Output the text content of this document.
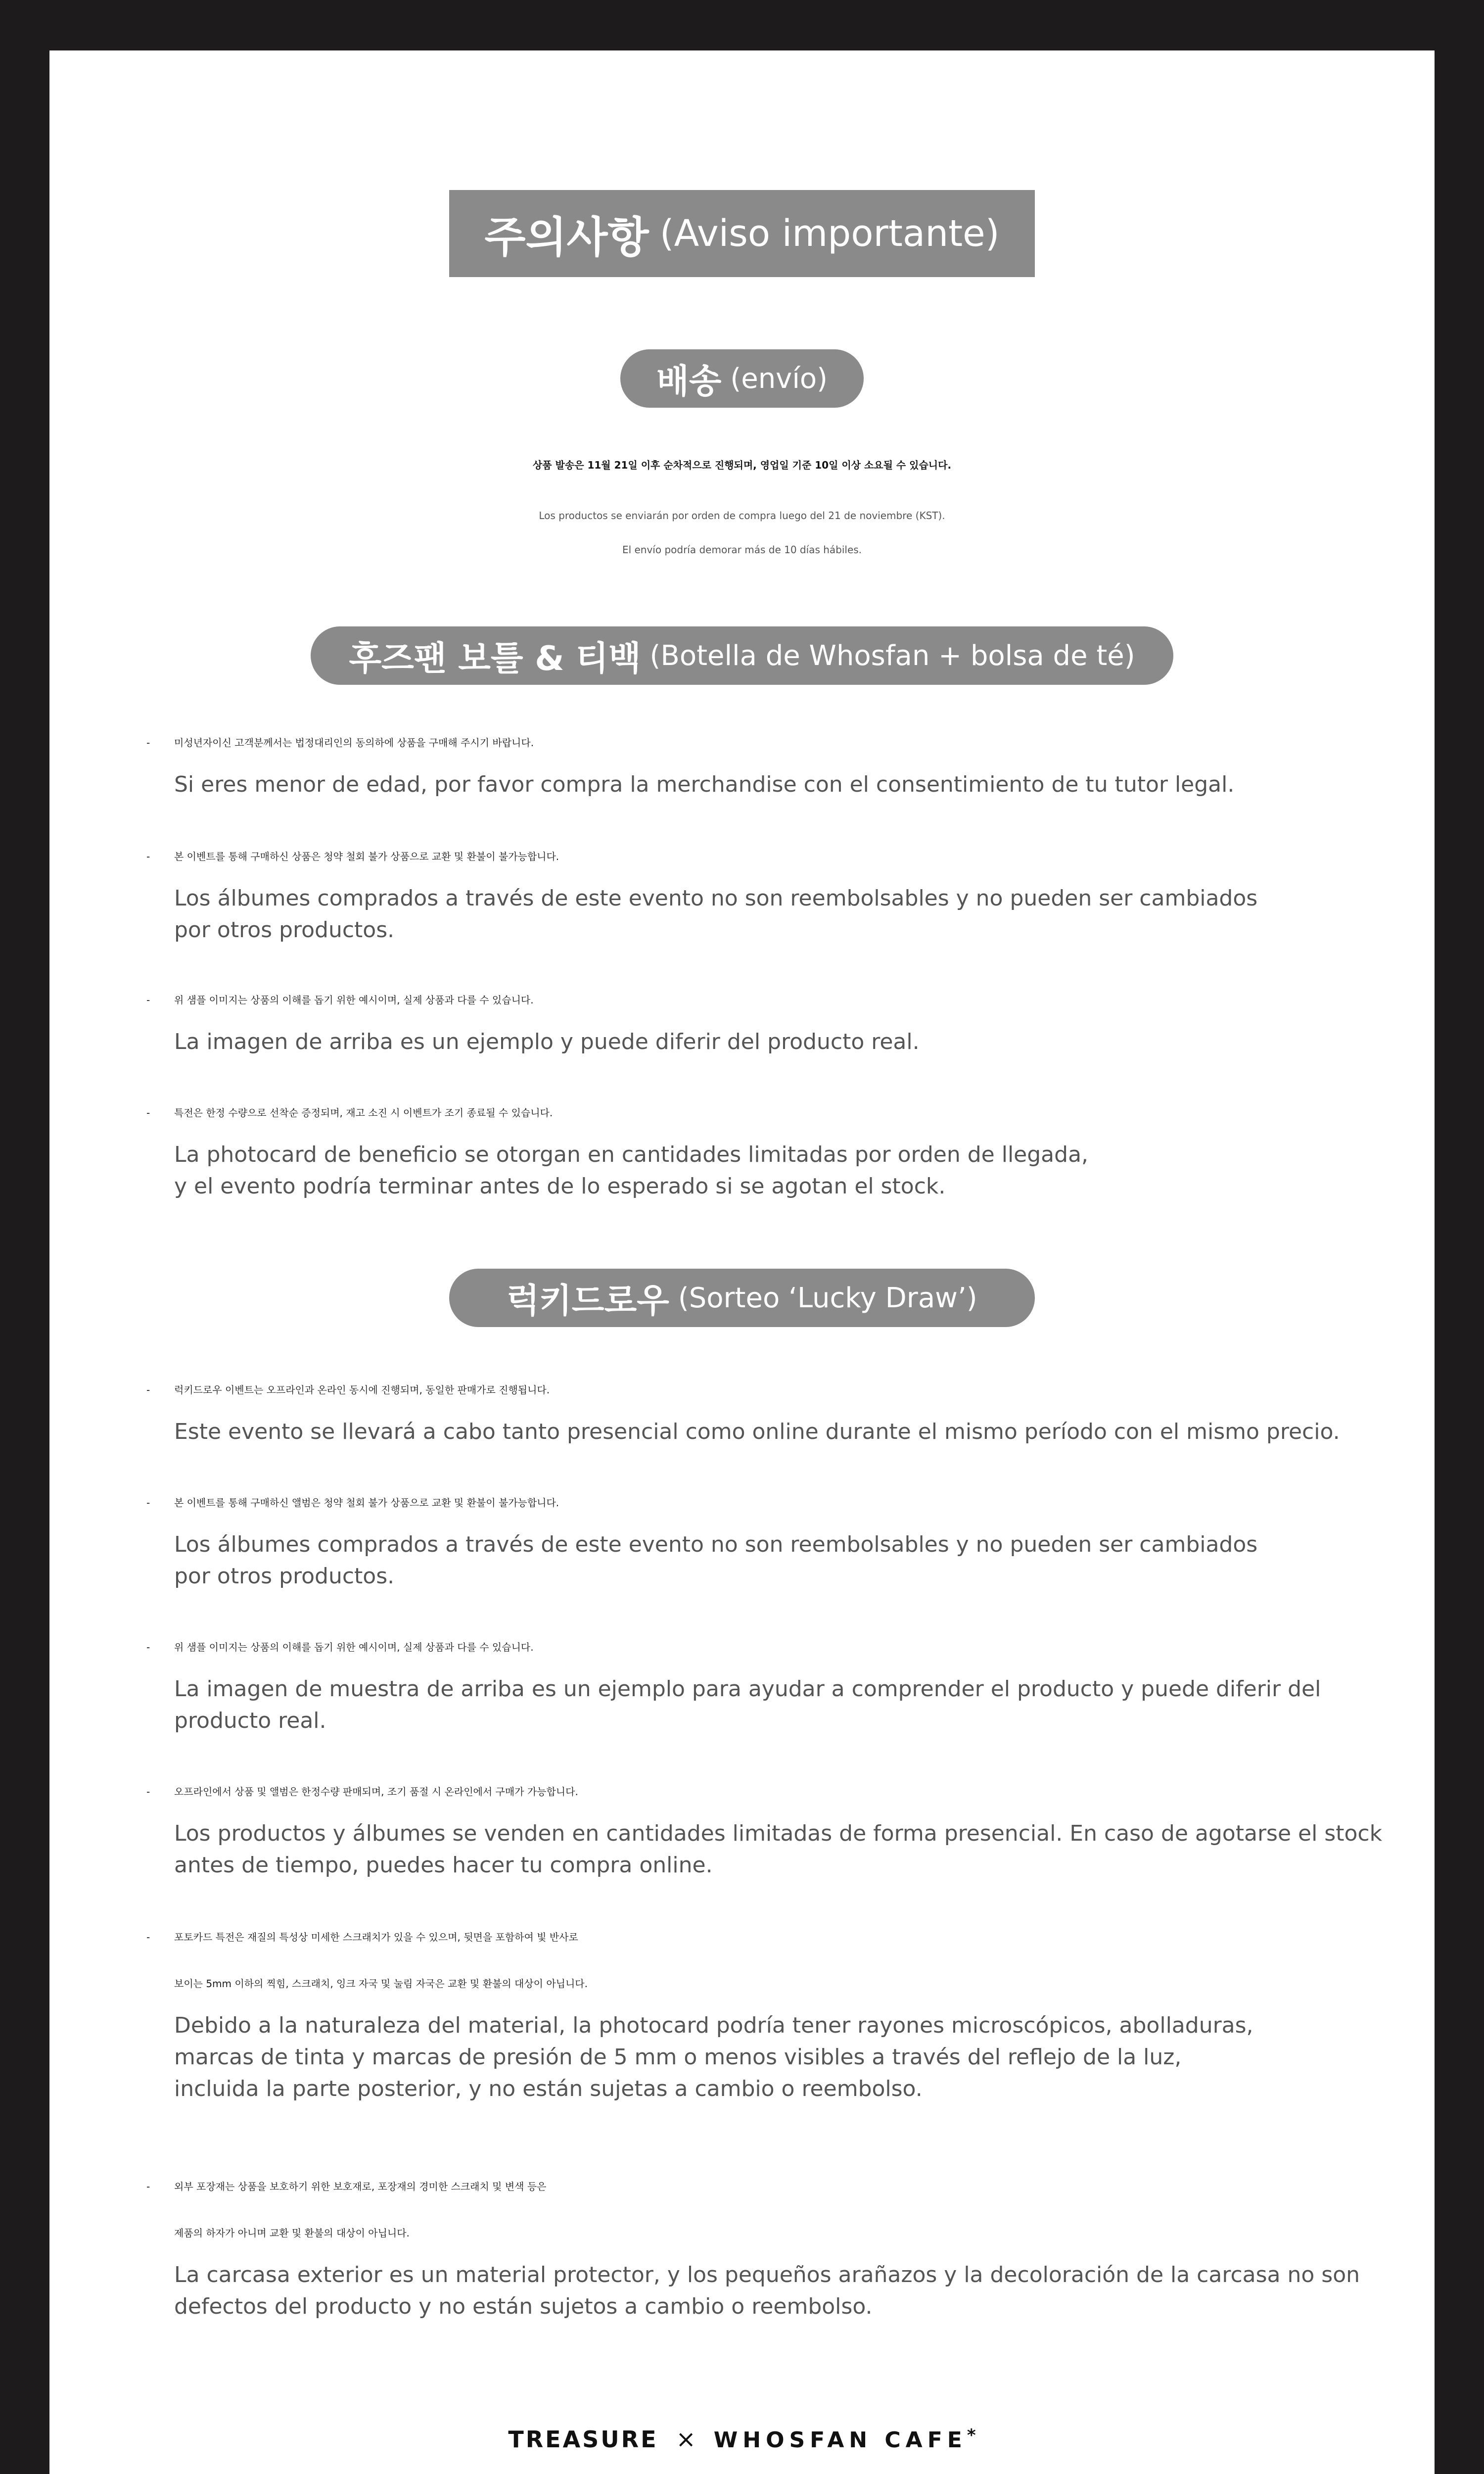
주의사항 (Aviso importante)
배송 (envío)
상품 발송은 11월 21일 이후 순차적으로 진행되며, 영업일 기준 10일 이상 소요될 수 있습니다.
Los productos se enviarán por orden de compra luego del 21 de noviembre (KST).
El envío podría demorar más de 10 días hábiles.
후즈팬 보틀 & 티백 (Botella de Whosfan + bolsa de té)
- 미성년자이신 고객분께서는 법정대리인의 동의하에 상품을 구매해 주시기 바랍니다.
Si eres menor de edad, por favor compra la merchandise con el consentimiento de tu tutor legal.
- 본 이벤트를 통해 구매하신 상품은 청약 철회 불가 상품으로 교환 및 환불이 불가능합니다.
Los álbumes comprados a través de este evento no son reembolsables y no pueden ser cambiados
por otros productos.
- 위 샘플 이미지는 상품의 이해를 돕기 위한 예시이며, 실제 상품과 다를 수 있습니다.
La imagen de arriba es un ejemplo y puede diferir del producto real.
- 특전은 한정 수량으로 선착순 증정되며, 재고 소진 시 이벤트가 조기 종료될 수 있습니다.
La photocard de beneficio se otorgan en cantidades limitadas por orden de llegada,
y el evento podría terminar antes de lo esperado si se agotan el stock.
럭키드로우 (Sorteo ‘Lucky Draw’)
- 럭키드로우 이벤트는 오프라인과 온라인 동시에 진행되며, 동일한 판매가로 진행됩니다.
Este evento se llevará a cabo tanto presencial como online durante el mismo período con el mismo precio.
- 본 이벤트를 통해 구매하신 앨범은 청약 철회 불가 상품으로 교환 및 환불이 불가능합니다.
Los álbumes comprados a través de este evento no son reembolsables y no pueden ser cambiados
por otros productos.
- 위 샘플 이미지는 상품의 이해를 돕기 위한 예시이며, 실제 상품과 다를 수 있습니다.
La imagen de muestra de arriba es un ejemplo para ayudar a comprender el producto y puede diferir del
producto real.
- 오프라인에서 상품 및 앨범은 한정수량 판매되며, 조기 품절 시 온라인에서 구매가 가능합니다.
Los productos y álbumes se venden en cantidades limitadas de forma presencial. En caso de agotarse el stock
antes de tiempo, puedes hacer tu compra online.
- 포토카드 특전은 재질의 특성상 미세한 스크래치가 있을 수 있으며, 뒷면을 포함하여 빛 반사로
보이는 5mm 이하의 찍힘, 스크래치, 잉크 자국 및 눌림 자국은 교환 및 환불의 대상이 아닙니다.
Debido a la naturaleza del material, la photocard podría tener rayones microscópicos, abolladuras,
marcas de tinta y marcas de presión de 5 mm o menos visibles a través del reflejo de la luz,
incluida la parte posterior, y no están sujetas a cambio o reembolso.
- 외부 포장재는 상품을 보호하기 위한 보호재로, 포장재의 경미한 스크래치 및 변색 등은
제품의 하자가 아니며 교환 및 환불의 대상이 아닙니다.
La carcasa exterior es un material protector, y los pequeños arañazos y la decoloración de la carcasa no son
defectos del producto y no están sujetos a cambio o reembolso.
TREASURE × WHOSFAN CAFE*
